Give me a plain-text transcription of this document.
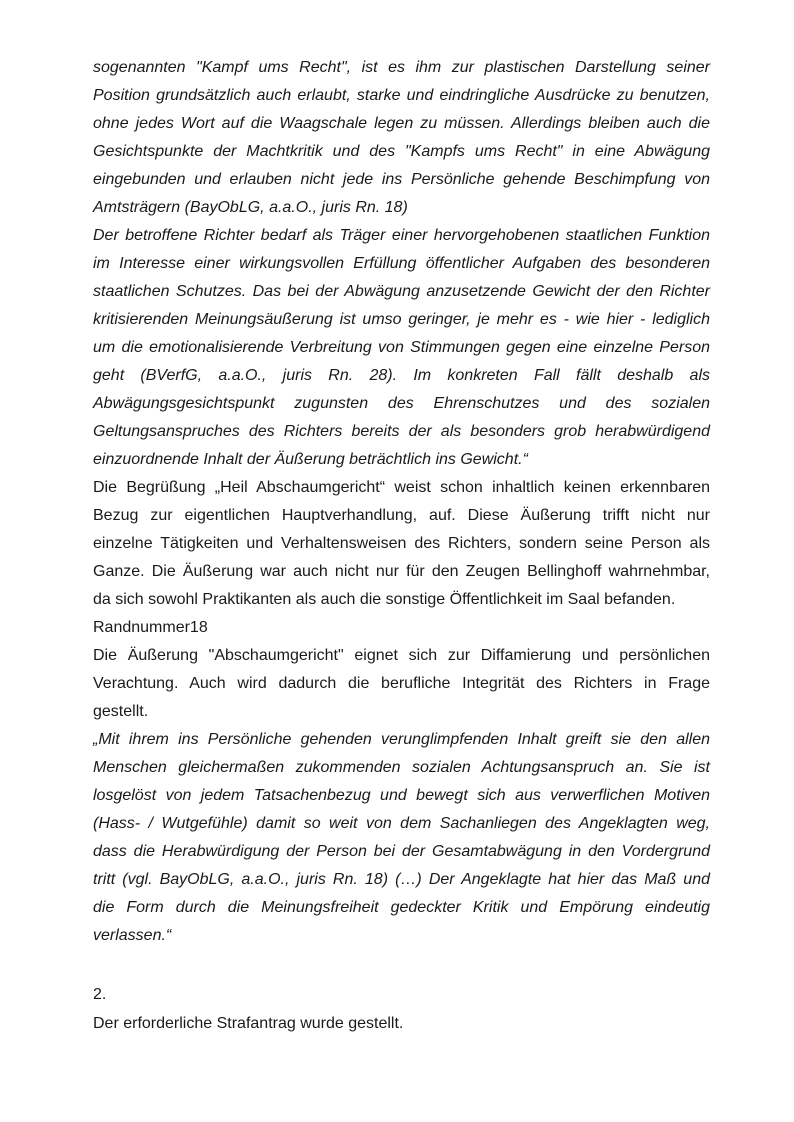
sogenannten "Kampf ums Recht", ist es ihm zur plastischen Darstellung seiner
Position grundsätzlich auch erlaubt, starke und eindringliche Ausdrücke zu benutzen,
ohne jedes Wort auf die Waagschale legen zu müssen. Allerdings bleiben auch die
Gesichtspunkte der Machtkritik und des "Kampfs ums Recht" in eine Abwägung
eingebunden und erlauben nicht jede ins Persönliche gehende Beschimpfung von
Amtsträgern (BayObLG, a.a.O., juris Rn. 18)
Der betroffene Richter bedarf als Träger einer hervorgehobenen staatlichen Funktion
im Interesse einer wirkungsvollen Erfüllung öffentlicher Aufgaben des besonderen
staatlichen Schutzes. Das bei der Abwägung anzusetzende Gewicht der den Richter
kritisierenden Meinungsäußerung ist umso geringer, je mehr es - wie hier - lediglich
um die emotionalisierende Verbreitung von Stimmungen gegen eine einzelne Person
geht (BVerfG, a.a.O., juris Rn. 28). Im konkreten Fall fällt deshalb als
Abwägungsgesichtspunkt zugunsten des Ehrenschutzes und des sozialen
Geltungsanspruches des Richters bereits der als besonders grob herabwürdigend
einzuordnende Inhalt der Äußerung beträchtlich ins Gewicht.“
Die Begrüßung „Heil Abschaumgericht“ weist schon inhaltlich keinen erkennbaren
Bezug zur eigentlichen Hauptverhandlung, auf. Diese Äußerung trifft nicht nur
einzelne Tätigkeiten und Verhaltensweisen des Richters, sondern seine Person als
Ganze. Die Äußerung war auch nicht nur für den Zeugen Bellinghoff wahrnehmbar,
da sich sowohl Praktikanten als auch die sonstige Öffentlichkeit im Saal befanden.
Randnummer18
Die Äußerung "Abschaumgericht" eignet sich zur Diffamierung und persönlichen
Verachtung. Auch wird dadurch die berufliche Integrität des Richters in Frage
gestellt.
„Mit ihrem ins Persönliche gehenden verunglimpfenden Inhalt greift sie den allen
Menschen gleichermaßen zukommenden sozialen Achtungsanspruch an. Sie ist
losgelöst von jedem Tatsachenbezug und bewegt sich aus verwerflichen Motiven
(Hass- / Wutgefühle) damit so weit von dem Sachanliegen des Angeklagten weg,
dass die Herabwürdigung der Person bei der Gesamtabwägung in den Vordergrund
tritt (vgl. BayObLG, a.a.O., juris Rn. 18) (…) Der Angeklagte hat hier das Maß und
die Form durch die Meinungsfreiheit gedeckter Kritik und Empörung eindeutig
verlassen.“
2.
Der erforderliche Strafantrag wurde gestellt.
